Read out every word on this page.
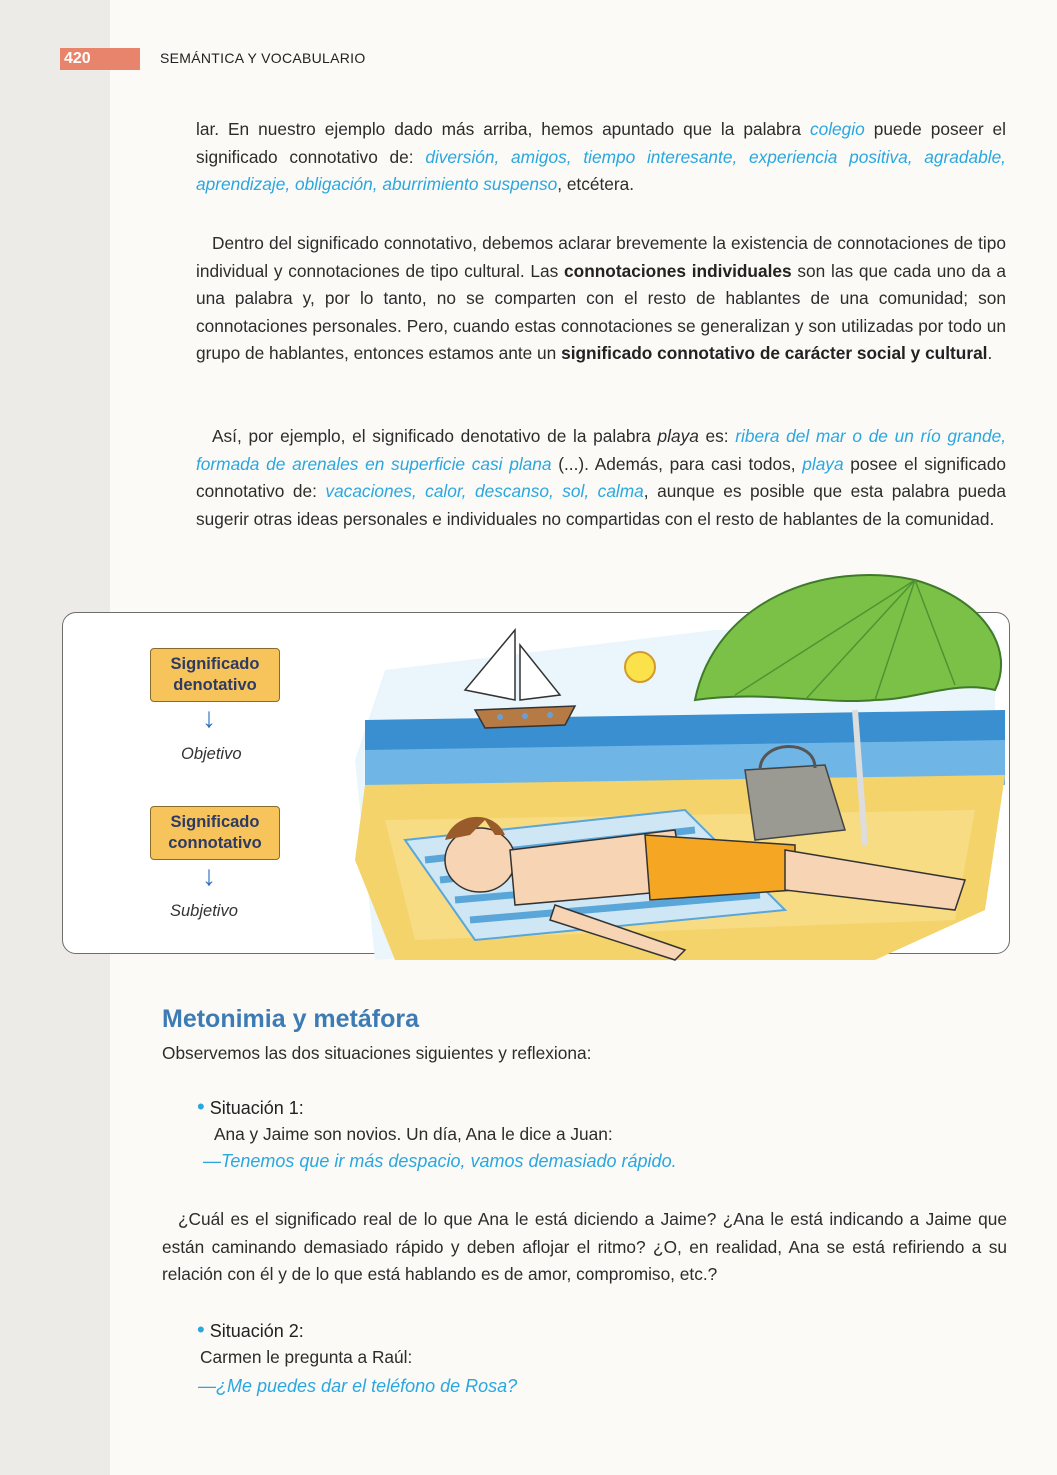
420	SEMÁNTICA Y VOCABULARIO
lar. En nuestro ejemplo dado más arriba, hemos apuntado que la palabra colegio puede poseer el significado connotativo de: diversión, amigos, tiempo interesante, experiencia positiva, agradable, aprendizaje, obligación, aburrimiento suspenso, etcétera.
Dentro del significado connotativo, debemos aclarar brevemente la existencia de connotaciones de tipo individual y connotaciones de tipo cultural. Las connotaciones individuales son las que cada uno da a una palabra y, por lo tanto, no se comparten con el resto de hablantes de una comunidad; son connotaciones personales. Pero, cuando estas connotaciones se generalizan y son utilizadas por todo un grupo de hablantes, entonces estamos ante un significado connotativo de carácter social y cultural.
Así, por ejemplo, el significado denotativo de la palabra playa es: ribera del mar o de un río grande, formada de arenales en superficie casi plana (...). Además, para casi todos, playa posee el significado connotativo de: vacaciones, calor, descanso, sol, calma, aunque es posible que esta palabra pueda sugerir otras ideas personales e individuales no compartidas con el resto de hablantes de la comunidad.
Significado
denotativo
↓
Objetivo
Significado
connotativo
↓
Subjetivo
Metonimia y metáfora
Observemos las dos situaciones siguientes y reflexiona:
• Situación 1:
Ana y Jaime son novios. Un día, Ana le dice a Juan:
—Tenemos que ir más despacio, vamos demasiado rápido.
¿Cuál es el significado real de lo que Ana le está diciendo a Jaime? ¿Ana le está indicando a Jaime que están caminando demasiado rápido y deben aflojar el ritmo? ¿O, en realidad, Ana se está refiriendo a su relación con él y de lo que está hablando es de amor, compromiso, etc.?
• Situación 2:
Carmen le pregunta a Raúl:
—¿Me puedes dar el teléfono de Rosa?
